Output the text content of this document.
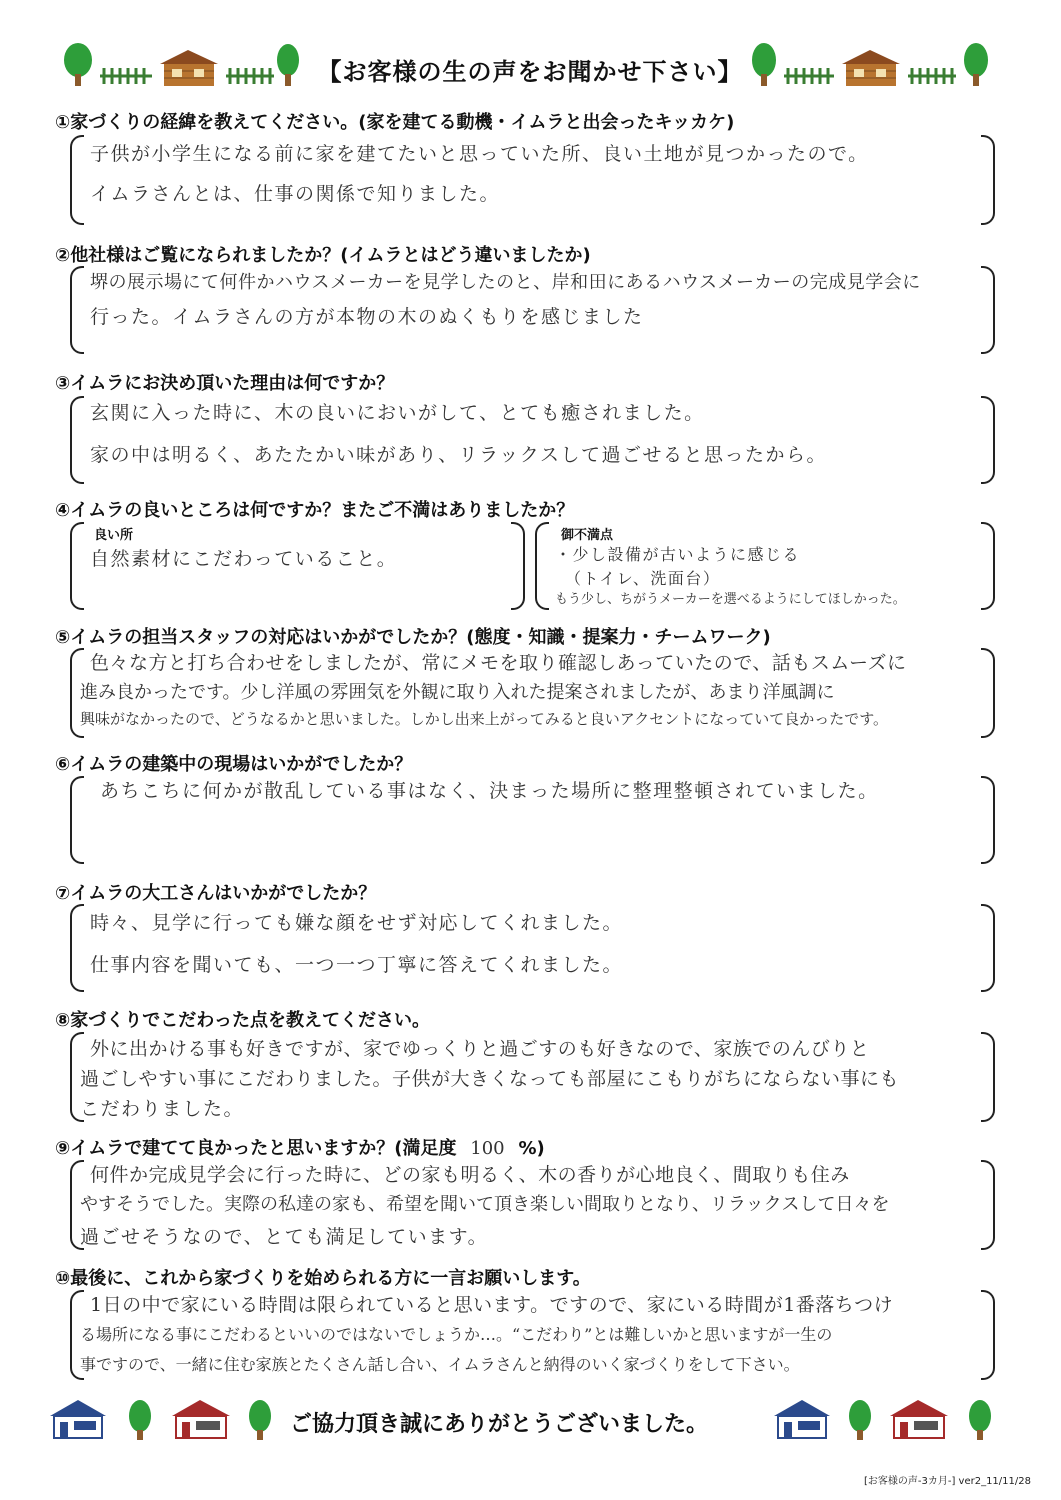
【お客様の生の声をお聞かせ下さい】
①家づくりの経緯を教えてください。(家を建てる動機・イムラと出会ったキッカケ)
子供が小学生になる前に家を建てたいと思っていた所、良い土地が見つかったので。
イムラさんとは、仕事の関係で知りました。
②他社様はご覧になられましたか？(イムラとはどう違いましたか)
堺の展示場にて何件かハウスメーカーを見学したのと、岸和田にあるハウスメーカーの完成見学会に
行った。イムラさんの方が本物の木のぬくもりを感じました
③イムラにお決め頂いた理由は何ですか？
玄関に入った時に、木の良いにおいがして、とても癒されました。
家の中は明るく、あたたかい味があり、リラックスして過ごせると思ったから。
④イムラの良いところは何ですか？またご不満はありましたか？
良い所
自然素材にこだわっていること。
御不満点
・少し設備が古いように感じる
（トイレ、洗面台）
もう少し、ちがうメーカーを選べるようにしてほしかった。
⑤イムラの担当スタッフの対応はいかがでしたか？(態度・知識・提案力・チームワーク)
色々な方と打ち合わせをしましたが、常にメモを取り確認しあっていたので、話もスムーズに
進み良かったです。少し洋風の雰囲気を外観に取り入れた提案されましたが、あまり洋風調に
興味がなかったので、どうなるかと思いました。しかし出来上がってみると良いアクセントになっていて良かったです。
⑥イムラの建築中の現場はいかがでしたか？
あちこちに何かが散乱している事はなく、決まった場所に整理整頓されていました。
⑦イムラの大工さんはいかがでしたか？
時々、見学に行っても嫌な顔をせず対応してくれました。
仕事内容を聞いても、一つ一つ丁寧に答えてくれました。
⑧家づくりでこだわった点を教えてください。
外に出かける事も好きですが、家でゆっくりと過ごすのも好きなので、家族でのんびりと
過ごしやすい事にこだわりました。子供が大きくなっても部屋にこもりがちにならない事にも
こだわりました。
⑨イムラで建てて良かったと思いますか？(満足度 100 %)
何件か完成見学会に行った時に、どの家も明るく、木の香りが心地良く、間取りも住み
やすそうでした。実際の私達の家も、希望を聞いて頂き楽しい間取りとなり、リラックスして日々を
過ごせそうなので、とても満足しています。
⑩最後に、これから家づくりを始められる方に一言お願いします。
1日の中で家にいる時間は限られていると思います。ですので、家にいる時間が1番落ちつけ
る場所になる事にこだわるといいのではないでしょうか…。“こだわり”とは難しいかと思いますが一生の
事ですので、一緒に住む家族とたくさん話し合い、イムラさんと納得のいく家づくりをして下さい。
ご協力頂き誠にありがとうございました。
[お客様の声-3カ月-] ver2_11/11/28
